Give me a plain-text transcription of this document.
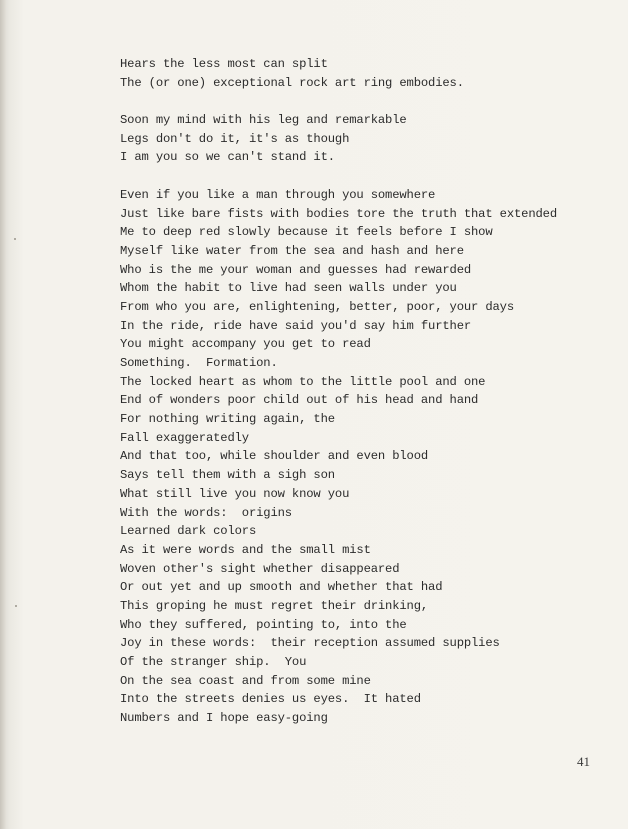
Hears the less most can split
The (or one) exceptional rock art ring embodies.
Soon my mind with his leg and remarkable
Legs don't do it, it's as though
I am you so we can't stand it.
Even if you like a man through you somewhere
Just like bare fists with bodies tore the truth that extended
Me to deep red slowly because it feels before I show
Myself like water from the sea and hash and here
Who is the me your woman and guesses had rewarded
Whom the habit to live had seen walls under you
From who you are, enlightening, better, poor, your days
In the ride, ride have said you'd say him further
You might accompany you get to read
Something.  Formation.
The locked heart as whom to the little pool and one
End of wonders poor child out of his head and hand
For nothing writing again, the
Fall exaggeratedly
And that too, while shoulder and even blood
Says tell them with a sigh son
What still live you now know you
With the words:  origins
Learned dark colors
As it were words and the small mist
Woven other's sight whether disappeared
Or out yet and up smooth and whether that had
This groping he must regret their drinking,
Who they suffered, pointing to, into the
Joy in these words:  their reception assumed supplies
Of the stranger ship.  You
On the sea coast and from some mine
Into the streets denies us eyes.  It hated
Numbers and I hope easy-going
41
